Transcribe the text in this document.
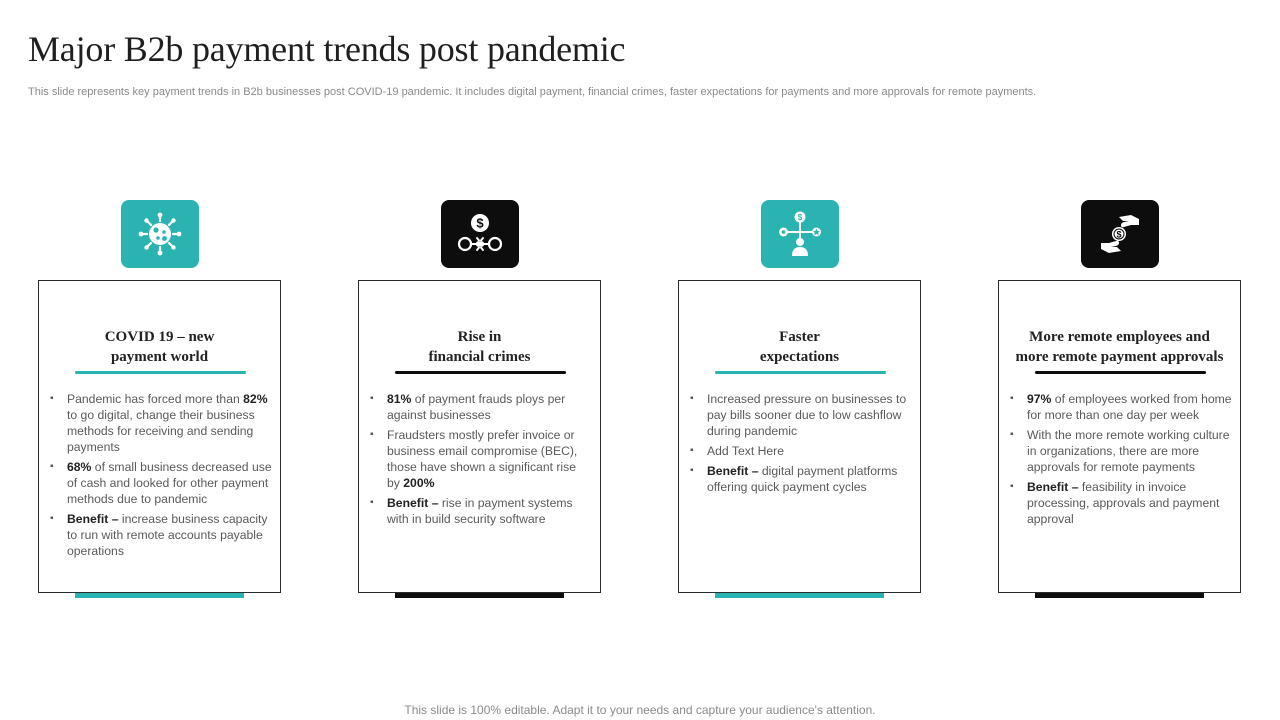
Major B2b payment trends post pandemic

This slide represents key payment trends in B2b businesses post COVID-19 pandemic. It includes digital payment, financial crimes, faster expectations for payments and more approvals for remote payments.

COVID 19 – new
payment world
▪ Pandemic has forced more than 82% to go digital, change their business methods for receiving and sending payments
▪ 68% of small business decreased use of cash and looked for other payment methods due to pandemic
▪ Benefit – increase business capacity to run with remote accounts payable operations
$
Rise in
financial crimes
▪ 81% of payment frauds ploys per against businesses
▪ Fraudsters mostly prefer invoice or business email compromise (BEC), those have shown a significant rise by 200%
▪ Benefit – rise in payment systems with in build security software
$
Faster
expectations
▪ Increased pressure on businesses to pay bills sooner due to low cashflow during pandemic
▪ Add Text Here
▪ Benefit – digital payment platforms offering quick payment cycles
$
More remote employees and
more remote payment approvals
▪ 97% of employees worked from home for more than one day per week
▪ With the more remote working culture in organizations, there are more approvals for remote payments
▪ Benefit – feasibility in invoice processing, approvals and payment approval

This slide is 100% editable. Adapt it to your needs and capture your audience's attention.
